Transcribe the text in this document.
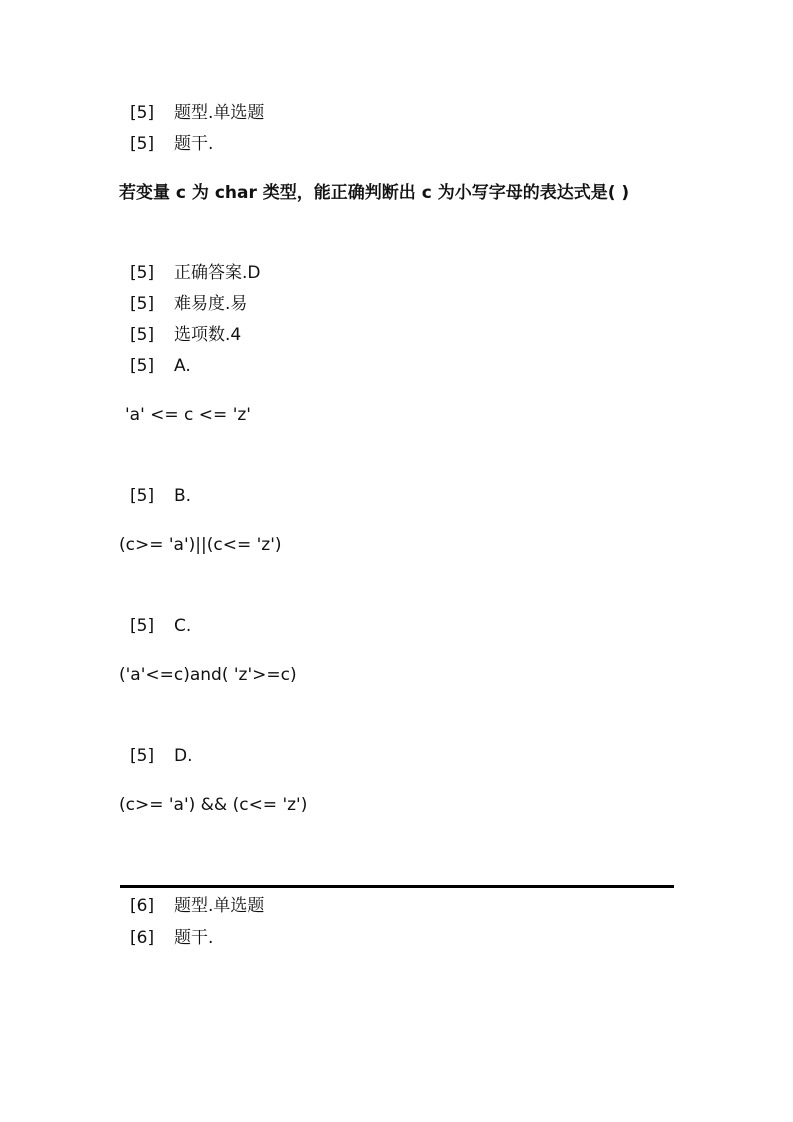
[5] 题型.单选题
[5] 题干.
若变量 c 为 char 类型，能正确判断出 c 为小写字母的表达式是( )
[5] 正确答案.D
[5] 难易度.易
[5] 选项数.4
[5] A.
'a' <= c <= 'z'
[5] B.
(c>= 'a')||(c<= 'z')
[5] C.
('a'<=c)and( 'z'>=c)
[5] D.
(c>= 'a') && (c<= 'z')
[6] 题型.单选题
[6] 题干.
